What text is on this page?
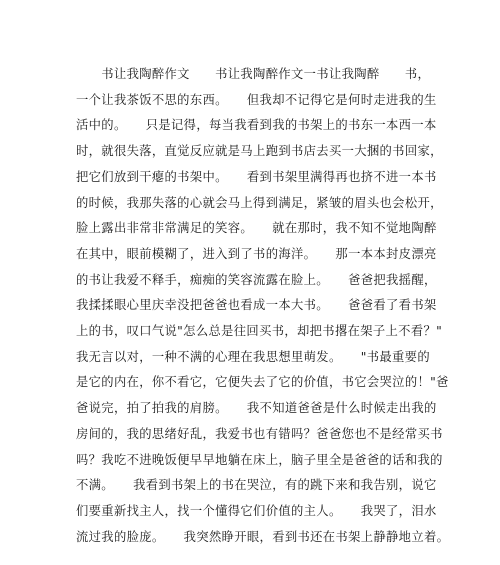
　　书让我陶醉作文　　书让我陶醉作文一书让我陶醉　　书，
一个让我茶饭不思的东西。　　但我却不记得它是何时走进我的生
活中的。　　只是记得，每当我看到我的书架上的书东一本西一本
时，就很失落，直觉反应就是马上跑到书店去买一大捆的书回家，
把它们放到干瘪的书架中。　　看到书架里满得再也挤不进一本书
的时候，我那失落的心就会马上得到满足，紧皱的眉头也会松开，
脸上露出非常非常满足的笑容。　　就在那时，我不知不觉地陶醉
在其中，眼前模糊了，进入到了书的海洋。　　那一本本封皮漂亮
的书让我爱不释手，痴痴的笑容流露在脸上。　　爸爸把我摇醒，
我揉揉眼心里庆幸没把爸爸也看成一本大书。　　爸爸看了看书架
上的书，叹口气说"怎么总是往回买书，却把书撂在架子上不看？"
我无言以对，一种不满的心理在我思想里萌发。　　"书最重要的
是它的内在，你不看它，它便失去了它的价值，书它会哭泣的！"爸
爸说完，拍了拍我的肩膀。　　我不知道爸爸是什么时候走出我的
房间的，我的思绪好乱，我爱书也有错吗？爸爸您也不是经常买书
吗？我吃不进晚饭便早早地躺在床上，脑子里全是爸爸的话和我的
不满。　　我看到书架上的书在哭泣，有的跳下来和我告别，说它
们要重新找主人，找一个懂得它们价值的主人。　　我哭了，泪水
流过我的脸庞。　　我突然睁开眼，看到书还在书架上静静地立着。
